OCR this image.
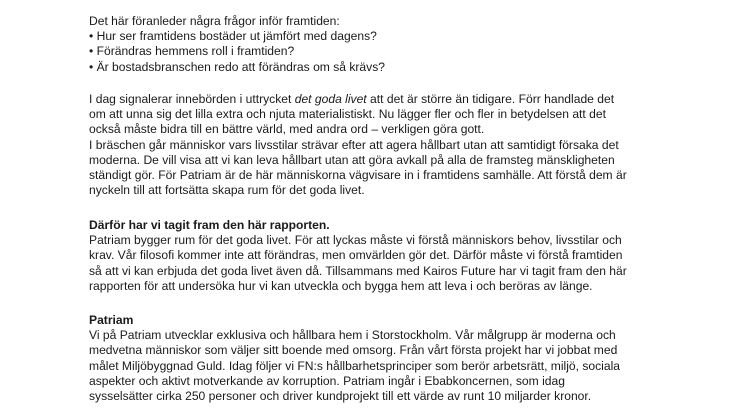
Det här föranleder några frågor inför framtiden:
• Hur ser framtidens bostäder ut jämfört med dagens?
• Förändras hemmens roll i framtiden?
• Är bostadsbranschen redo att förändras om så krävs?
I dag signalerar innebörden i uttrycket det goda livet att det är större än tidigare. Förr handlade det
om att unna sig det lilla extra och njuta materialistiskt. Nu lägger fler och fler in betydelsen att det
också måste bidra till en bättre värld, med andra ord – verkligen göra gott.
I bräschen går människor vars livsstilar strävar efter att agera hållbart utan att samtidigt försaka det
moderna. De vill visa att vi kan leva hållbart utan att göra avkall på alla de framsteg mänskligheten
ständigt gör. För Patriam är de här människorna vägvisare in i framtidens samhälle. Att förstå dem är
nyckeln till att fortsätta skapa rum för det goda livet.
Därför har vi tagit fram den här rapporten.
Patriam bygger rum för det goda livet. För att lyckas måste vi förstå människors behov, livsstilar och
krav. Vår filosofi kommer inte att förändras, men omvärlden gör det. Därför måste vi förstå framtiden
så att vi kan erbjuda det goda livet även då. Tillsammans med Kairos Future har vi tagit fram den här
rapporten för att undersöka hur vi kan utveckla och bygga hem att leva i och beröras av länge.
Patriam
Vi på Patriam utvecklar exklusiva och hållbara hem i Storstockholm. Vår målgrupp är moderna och
medvetna människor som väljer sitt boende med omsorg. Från vårt första projekt har vi jobbat med
målet Miljöbyggnad Guld. Idag följer vi FN:s hållbarhetsprinciper som berör arbetsrätt, miljö, sociala
aspekter och aktivt motverkande av korruption. Patriam ingår i Ebabkoncernen, som idag
sysselsätter cirka 250 personer och driver kundprojekt till ett värde av runt 10 miljarder kronor.
